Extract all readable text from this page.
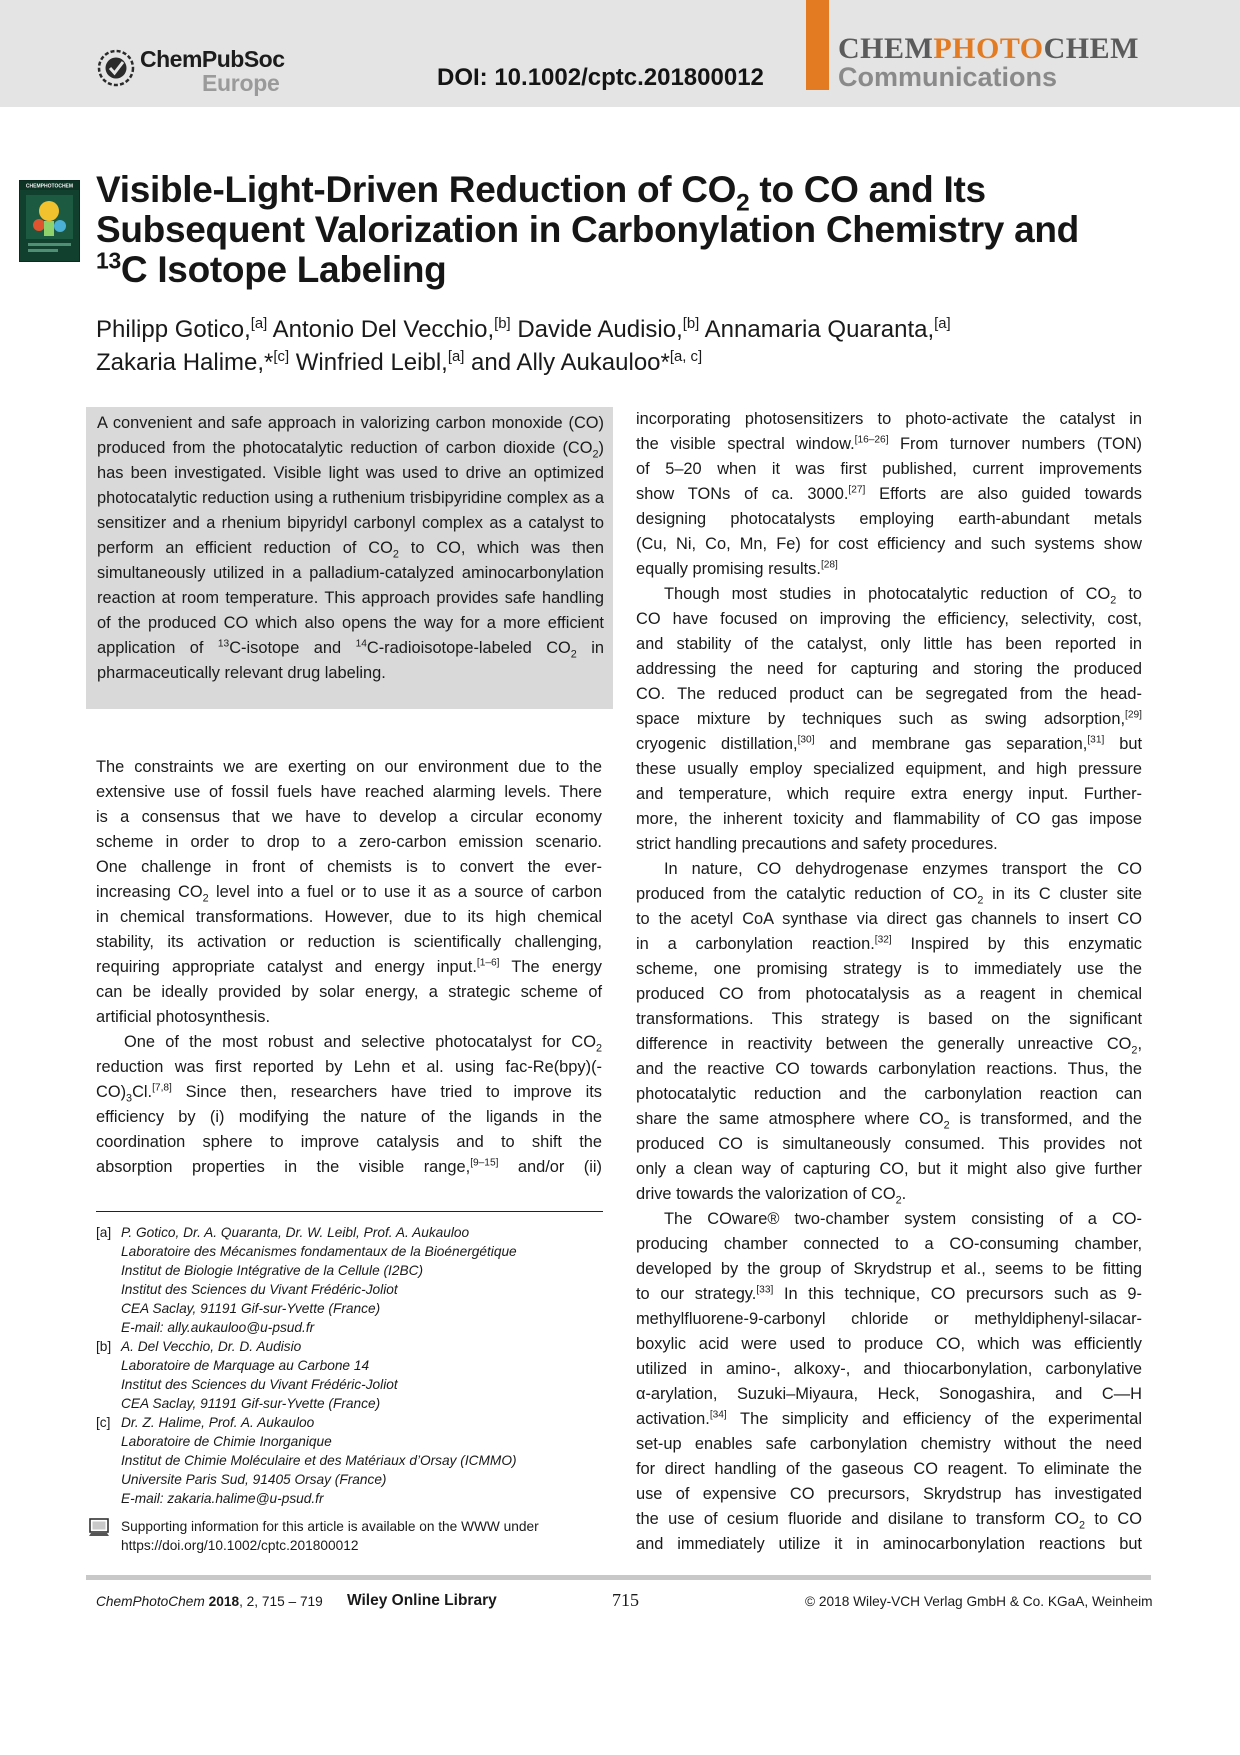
ChemPubSoc
Europe	DOI: 10.1002/cptc.201800012
CHEMPHOTOCHEM
Communications
CHEMPHOTOCHEM Visible-Light-Driven Reduction of $CO_2$ to CO and Its
Subsequent Valorization in Carbonylation Chemistry and
$^{13}$C Isotope Labeling
Philipp Gotico,[a] Antonio Del Vecchio,[b] Davide Audisio,[b] Annamaria Quaranta,[a]
Zakaria Halime,*[c] Winfried Leibl,[a] and Ally Aukauloo*[a, c]
A convenient and safe approach in valorizing carbon monoxide (CO) produced from the photocatalytic reduction of carbon dioxide $(CO_2)$ has been investigated. Visible light was used to drive an optimized photocatalytic reduction using a ruthenium trisbipyridine complex as a sensitizer and a rhenium bipyridyl carbonyl complex as a catalyst to perform an efficient reduction of $CO_2$ to CO, which was then simultaneously utilized in a palladium-catalyzed aminocarbonylation reaction at room temperature. This approach provides safe handling of the produced CO which also opens the way for a more efficient application of $^{13}$C-isotope and $^{14}$C-radioisotope-labeled $CO_2$ in pharmaceutically relevant drug labeling.
The constraints we are exerting on our environment due to the
extensive use of fossil fuels have reached alarming levels. There
is a consensus that we have to develop a circular economy
scheme in order to drop to a zero-carbon emission scenario.
One challenge in front of chemists is to convert the ever-
increasing $CO_2$ level into a fuel or to use it as a source of carbon
in chemical transformations. However, due to its high chemical
stability, its activation or reduction is scientifically challenging,
requiring appropriate catalyst and energy input.[1–6] The energy
can be ideally provided by solar energy, a strategic scheme of
artificial photosynthesis.
One of the most robust and selective photocatalyst for $CO_2$
reduction was first reported by Lehn et al. using fac-Re(bpy)(-
$CO)_3Cl.[7,8]$ Since then, researchers have tried to improve its
efficiency by (i) modifying the nature of the ligands in the
coordination sphere to improve catalysis and to shift the
absorption properties in the visible range,[9–15] and/or (ii)
incorporating photosensitizers to photo-activate the catalyst in
the visible spectral window.[16–26] From turnover numbers (TON)
of 5–20 when it was first published, current improvements
show TONs of ca. 3000.[27] Efforts are also guided towards
designing photocatalysts employing earth-abundant metals
(Cu, Ni, Co, Mn, Fe) for cost efficiency and such systems show
equally promising results.[28]
Though most studies in photocatalytic reduction of $CO_2$ to
CO have focused on improving the efficiency, selectivity, cost,
and stability of the catalyst, only little has been reported in
addressing the need for capturing and storing the produced
CO. The reduced product can be segregated from the head-
space mixture by techniques such as swing adsorption,[29]
cryogenic distillation,[30] and membrane gas separation,[31] but
these usually employ specialized equipment, and high pressure
and temperature, which require extra energy input. Further-
more, the inherent toxicity and flammability of CO gas impose
strict handling precautions and safety procedures.
In nature, CO dehydrogenase enzymes transport the CO
produced from the catalytic reduction of $CO_2$ in its C cluster site
to the acetyl CoA synthase via direct gas channels to insert CO
in a carbonylation reaction.[32] Inspired by this enzymatic
scheme, one promising strategy is to immediately use the
produced CO from photocatalysis as a reagent in chemical
transformations. This strategy is based on the significant
difference in reactivity between the generally unreactive $CO_2$,
and the reactive CO towards carbonylation reactions. Thus, the
photocatalytic reduction and the carbonylation reaction can
share the same atmosphere where $CO_2$ is transformed, and the
produced CO is simultaneously consumed. This provides not
only a clean way of capturing CO, but it might also give further
drive towards the valorization of $CO_2$.
The COware® two-chamber system consisting of a CO-
producing chamber connected to a CO-consuming chamber,
developed by the group of Skrydstrup et al., seems to be fitting
to our strategy.[33] In this technique, CO precursors such as 9-
methylfluorene-9-carbonyl chloride or methyldiphenyl-silacar-
boxylic acid were used to produce CO, which was efficiently
utilized in amino-, alkoxy-, and thiocarbonylation, carbonylative
α-arylation, Suzuki–Miyaura, Heck, Sonogashira, and C—H
activation.[34] The simplicity and efficiency of the experimental
set-up enables safe carbonylation chemistry without the need
for direct handling of the gaseous CO reagent. To eliminate the
use of expensive CO precursors, Skrydstrup has investigated
the use of cesium fluoride and disilane to transform $CO_2$ to CO
and immediately utilize it in aminocarbonylation reactions but
[a] P. Gotico, Dr. A. Quaranta, Dr. W. Leibl, Prof. A. Aukauloo
Laboratoire des Mécanismes fondamentaux de la Bioénergétique
Institut de Biologie Intégrative de la Cellule (I2BC)
Institut des Sciences du Vivant Frédéric-Joliot
CEA Saclay, 91191 Gif-sur-Yvette (France)
E-mail: ally.aukauloo@u-psud.fr
[b] A. Del Vecchio, Dr. D. Audisio
Laboratoire de Marquage au Carbone 14
Institut des Sciences du Vivant Frédéric-Joliot
CEA Saclay, 91191 Gif-sur-Yvette (France)
[c] Dr. Z. Halime, Prof. A. Aukauloo
Laboratoire de Chimie Inorganique
Institut de Chimie Moléculaire et des Matériaux d’Orsay (ICMMO)
Universite Paris Sud, 91405 Orsay (France)
E-mail: zakaria.halime@u-psud.fr
Supporting information for this article is available on the WWW under
https://doi.org/10.1002/cptc.201800012
ChemPhotoChem 2018, 2, 715 – 719 Wiley Online Library	715	© 2018 Wiley-VCH Verlag GmbH & Co. KGaA, Weinheim
